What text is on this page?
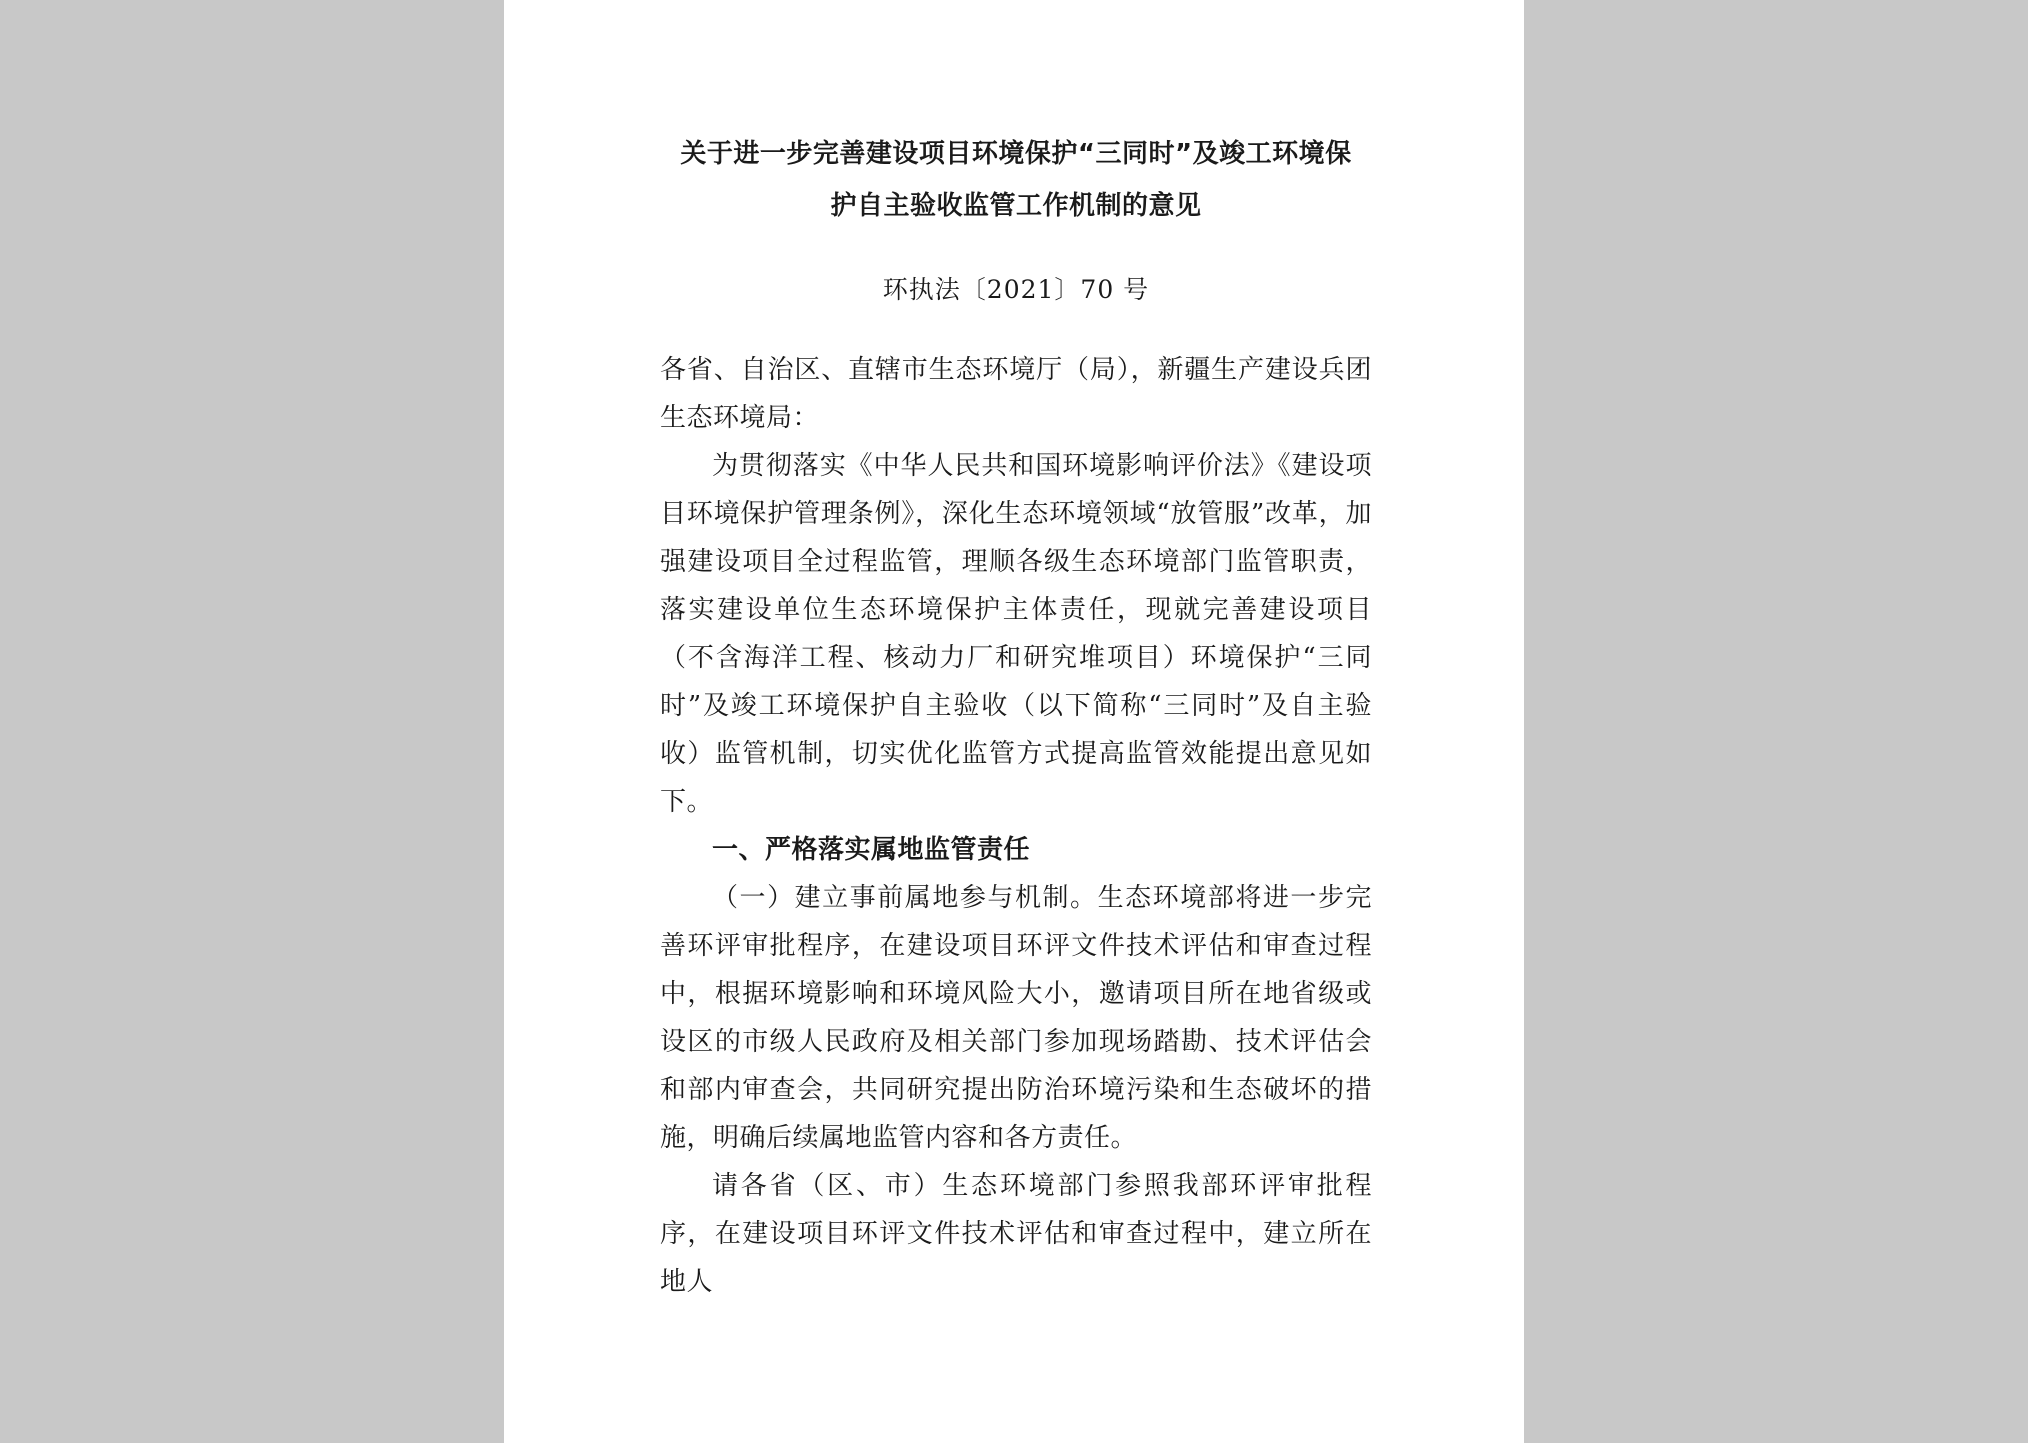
关于进一步完善建设项目环境保护“三同时”及竣工环境保
护自主验收监管工作机制的意见
环执法〔2021〕70 号

各省、自治区、直辖市生态环境厅（局），新疆生产建设兵团生态环境局：

为贯彻落实《中华人民共和国环境影响评价法》《建设项目环境保护管理条例》，深化生态环境领域“放管服”改革，加强建设项目全过程监管，理顺各级生态环境部门监管职责，落实建设单位生态环境保护主体责任，现就完善建设项目（不含海洋工程、核动力厂和研究堆项目）环境保护“三同时”及竣工环境保护自主验收（以下简称“三同时”及自主验收）监管机制，切实优化监管方式提高监管效能提出意见如下。

一、严格落实属地监管责任

（一）建立事前属地参与机制。生态环境部将进一步完善环评审批程序，在建设项目环评文件技术评估和审查过程中，根据环境影响和环境风险大小，邀请项目所在地省级或设区的市级人民政府及相关部门参加现场踏勘、技术评估会和部内审查会，共同研究提出防治环境污染和生态破坏的措施，明确后续属地监管内容和各方责任。

请各省（区、市）生态环境部门参照我部环评审批程序，在建设项目环评文件技术评估和审查过程中，建立所在地人
